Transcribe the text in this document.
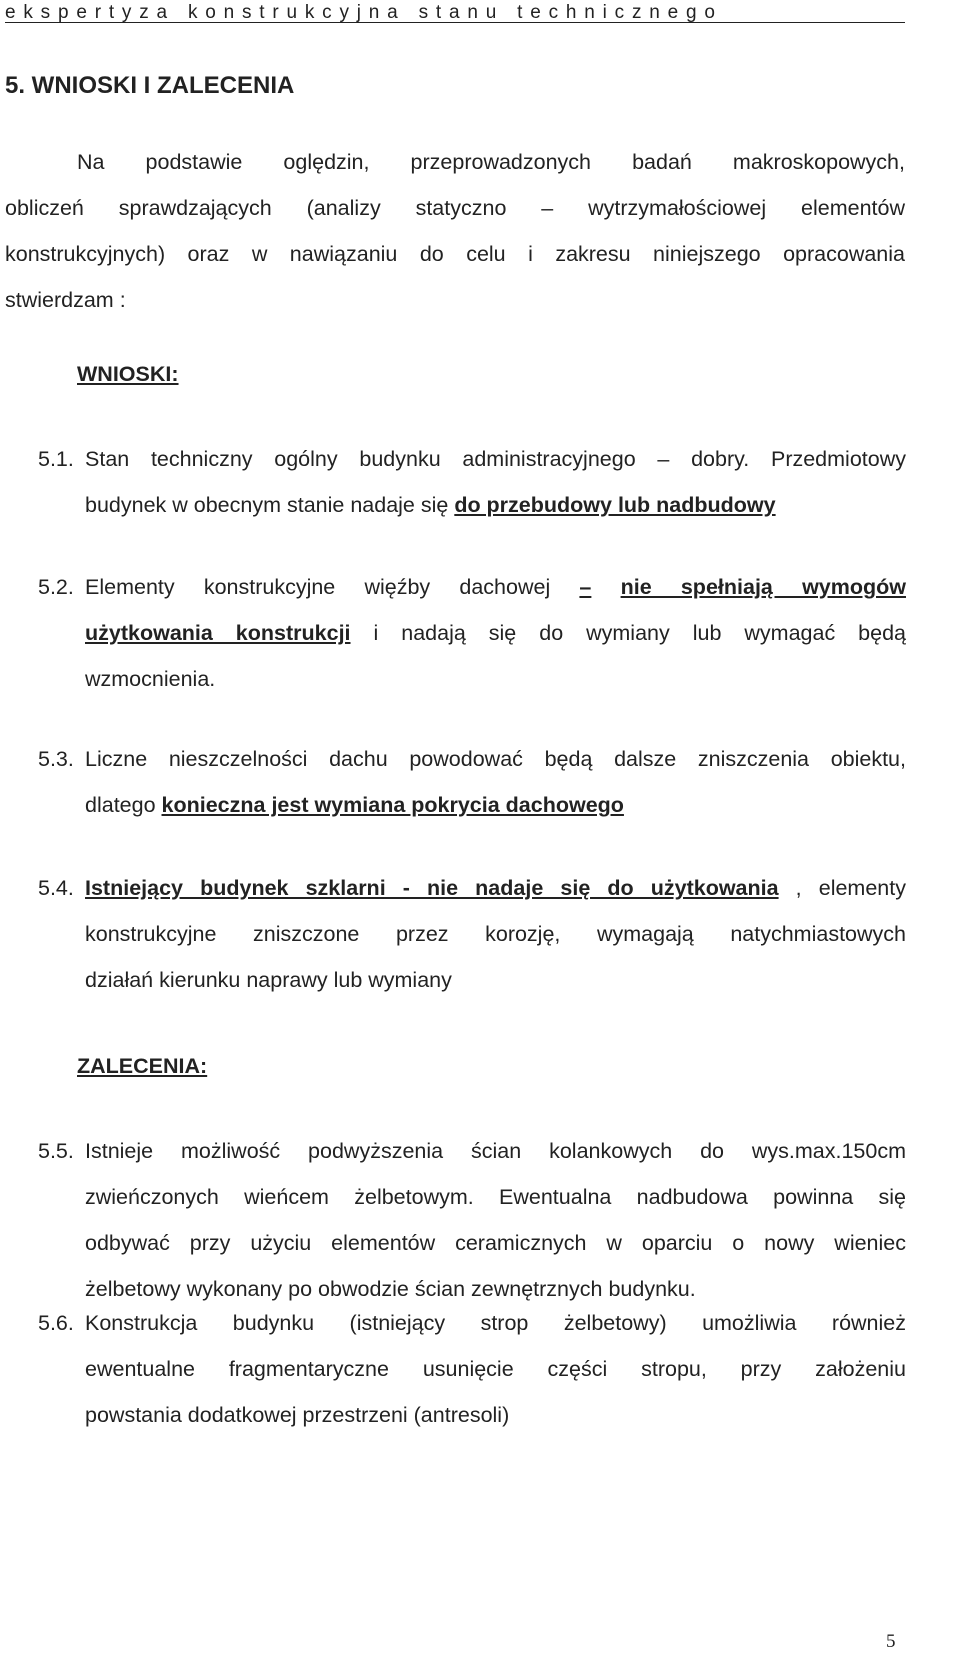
ekspertyza konstrukcyjna stanu technicznego
5. WNIOSKI I ZALECENIA
Na podstawie oględzin, przeprowadzonych badań makroskopowych,
obliczeń sprawdzających (analizy statyczno – wytrzymałościowej elementów
konstrukcyjnych) oraz w nawiązaniu do celu i zakresu niniejszego opracowania
stwierdzam :
WNIOSKI:
5.1. Stan techniczny ogólny budynku administracyjnego – dobry. Przedmiotowy
budynek w obecnym stanie nadaje się do przebudowy lub nadbudowy
5.2. Elementy konstrukcyjne więźby dachowej – nie spełniają wymogów
użytkowania konstrukcji i nadają się do wymiany lub wymagać będą
wzmocnienia.
5.3. Liczne nieszczelności dachu powodować będą dalsze zniszczenia obiektu,
dlatego konieczna jest wymiana pokrycia dachowego
5.4. Istniejący budynek szklarni - nie nadaje się do użytkowania , elementy
konstrukcyjne zniszczone przez korozję, wymagają natychmiastowych
działań kierunku naprawy lub wymiany
ZALECENIA:
5.5. Istnieje możliwość podwyższenia ścian kolankowych do wys.max.150cm
zwieńczonych wieńcem żelbetowym. Ewentualna nadbudowa powinna się
odbywać przy użyciu elementów ceramicznych w oparciu o nowy wieniec
żelbetowy wykonany po obwodzie ścian zewnętrznych budynku.
5.6. Konstrukcja budynku (istniejący strop żelbetowy) umożliwia również
ewentualne fragmentaryczne usunięcie części stropu, przy założeniu
powstania dodatkowej przestrzeni (antresoli)
5
